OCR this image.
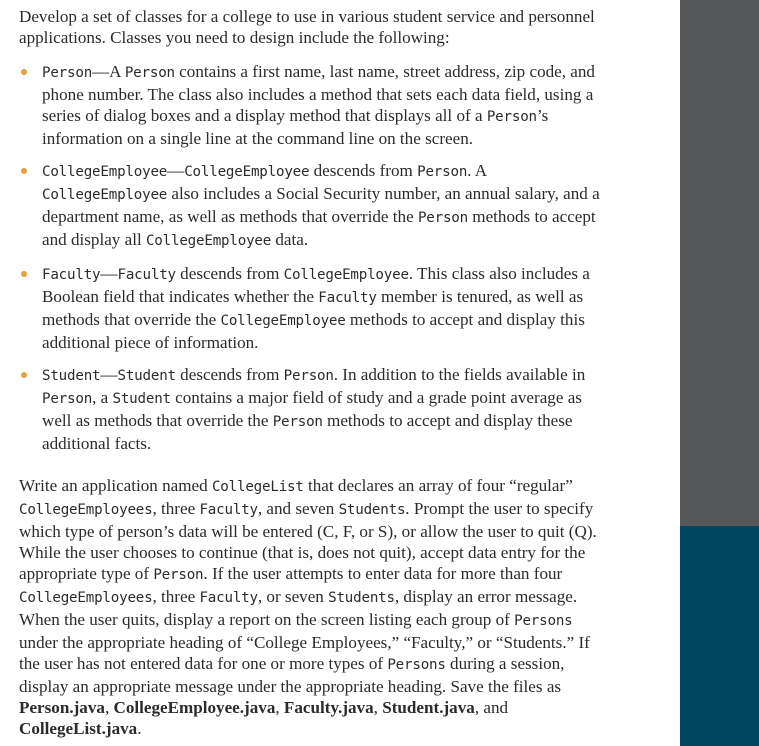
Develop a set of classes for a college to use in various student service and personnel applications. Classes you need to design include the following:

Person—A Person contains a first name, last name, street address, zip code, and phone number. The class also includes a method that sets each data field, using a series of dialog boxes and a display method that displays all of a Person’s information on a single line at the command line on the screen.
CollegeEmployee—CollegeEmployee descends from Person. A CollegeEmployee also includes a Social Security number, an annual salary, and a department name, as well as methods that override the Person methods to accept and display all CollegeEmployee data.
Faculty—Faculty descends from CollegeEmployee. This class also includes a Boolean field that indicates whether the Faculty member is tenured, as well as methods that override the CollegeEmployee methods to accept and display this additional piece of information.
Student—Student descends from Person. In addition to the fields available in Person, a Student contains a major field of study and a grade point average as well as methods that override the Person methods to accept and display these additional facts.

Write an application named CollegeList that declares an array of four “regular” CollegeEmployees, three Faculty, and seven Students. Prompt the user to specify which type of person’s data will be entered (C, F, or S), or allow the user to quit (Q). While the user chooses to continue (that is, does not quit), accept data entry for the appropriate type of Person. If the user attempts to enter data for more than four CollegeEmployees, three Faculty, or seven Students, display an error message. When the user quits, display a report on the screen listing each group of Persons under the appropriate heading of “College Employees,” “Faculty,” or “Students.” If the user has not entered data for one or more types of Persons during a session, display an appropriate message under the appropriate heading. Save the files as Person.java, CollegeEmployee.java, Faculty.java, Student.java, and CollegeList.java.
